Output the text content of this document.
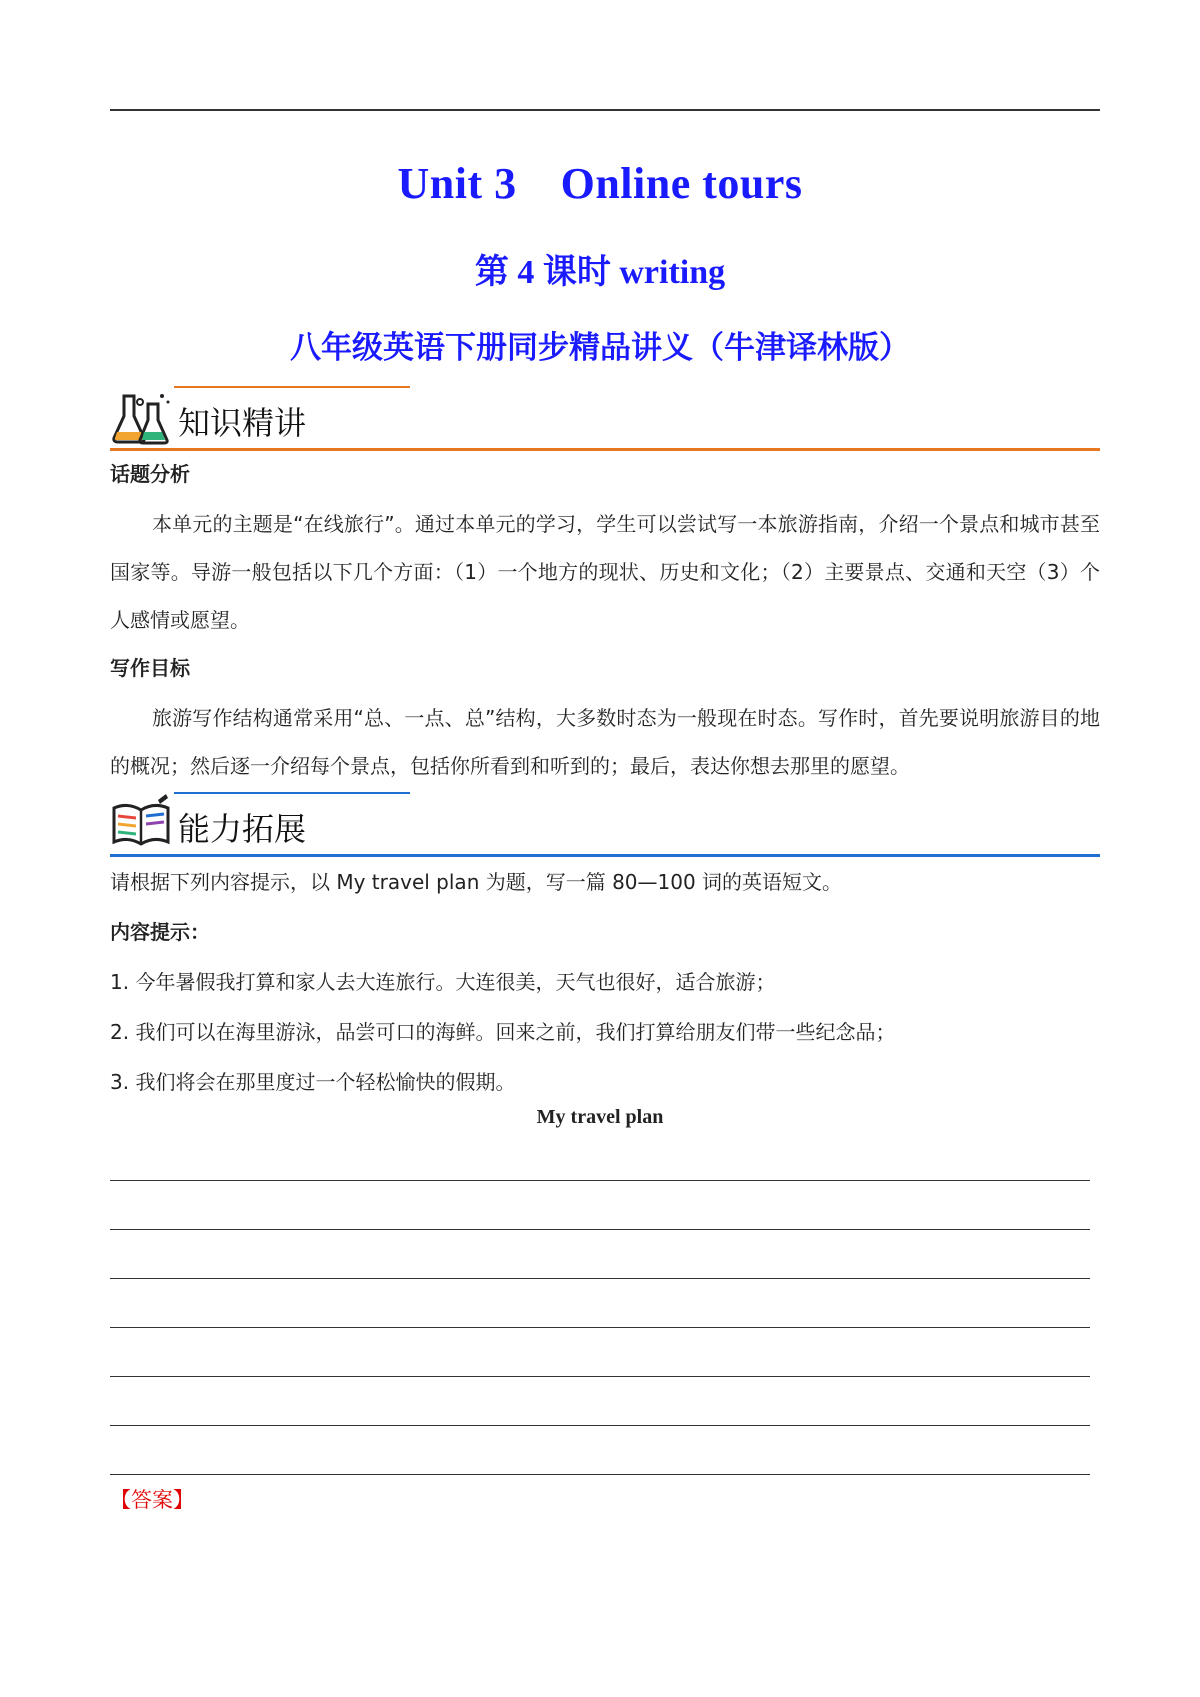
Unit 3 Online tours
第 4 课时 writing
八年级英语下册同步精品讲义（牛津译林版）
知识精讲
话题分析
本单元的主题是“在线旅行”。通过本单元的学习，学生可以尝试写一本旅游指南，介绍一个景点和城市甚至国家等。导游一般包括以下几个方面：（1）一个地方的现状、历史和文化；（2）主要景点、交通和天空（3）个人感情或愿望。
写作目标
旅游写作结构通常采用“总、一点、总”结构，大多数时态为一般现在时态。写作时，首先要说明旅游目的地的概况；然后逐一介绍每个景点，包括你所看到和听到的；最后，表达你想去那里的愿望。
能力拓展
请根据下列内容提示，以 My travel plan 为题，写一篇 80—100 词的英语短文。
内容提示：
1. 今年暑假我打算和家人去大连旅行。大连很美，天气也很好，适合旅游；
2. 我们可以在海里游泳，品尝可口的海鲜。回来之前，我们打算给朋友们带一些纪念品；
3. 我们将会在那里度过一个轻松愉快的假期。
My travel plan
【答案】
